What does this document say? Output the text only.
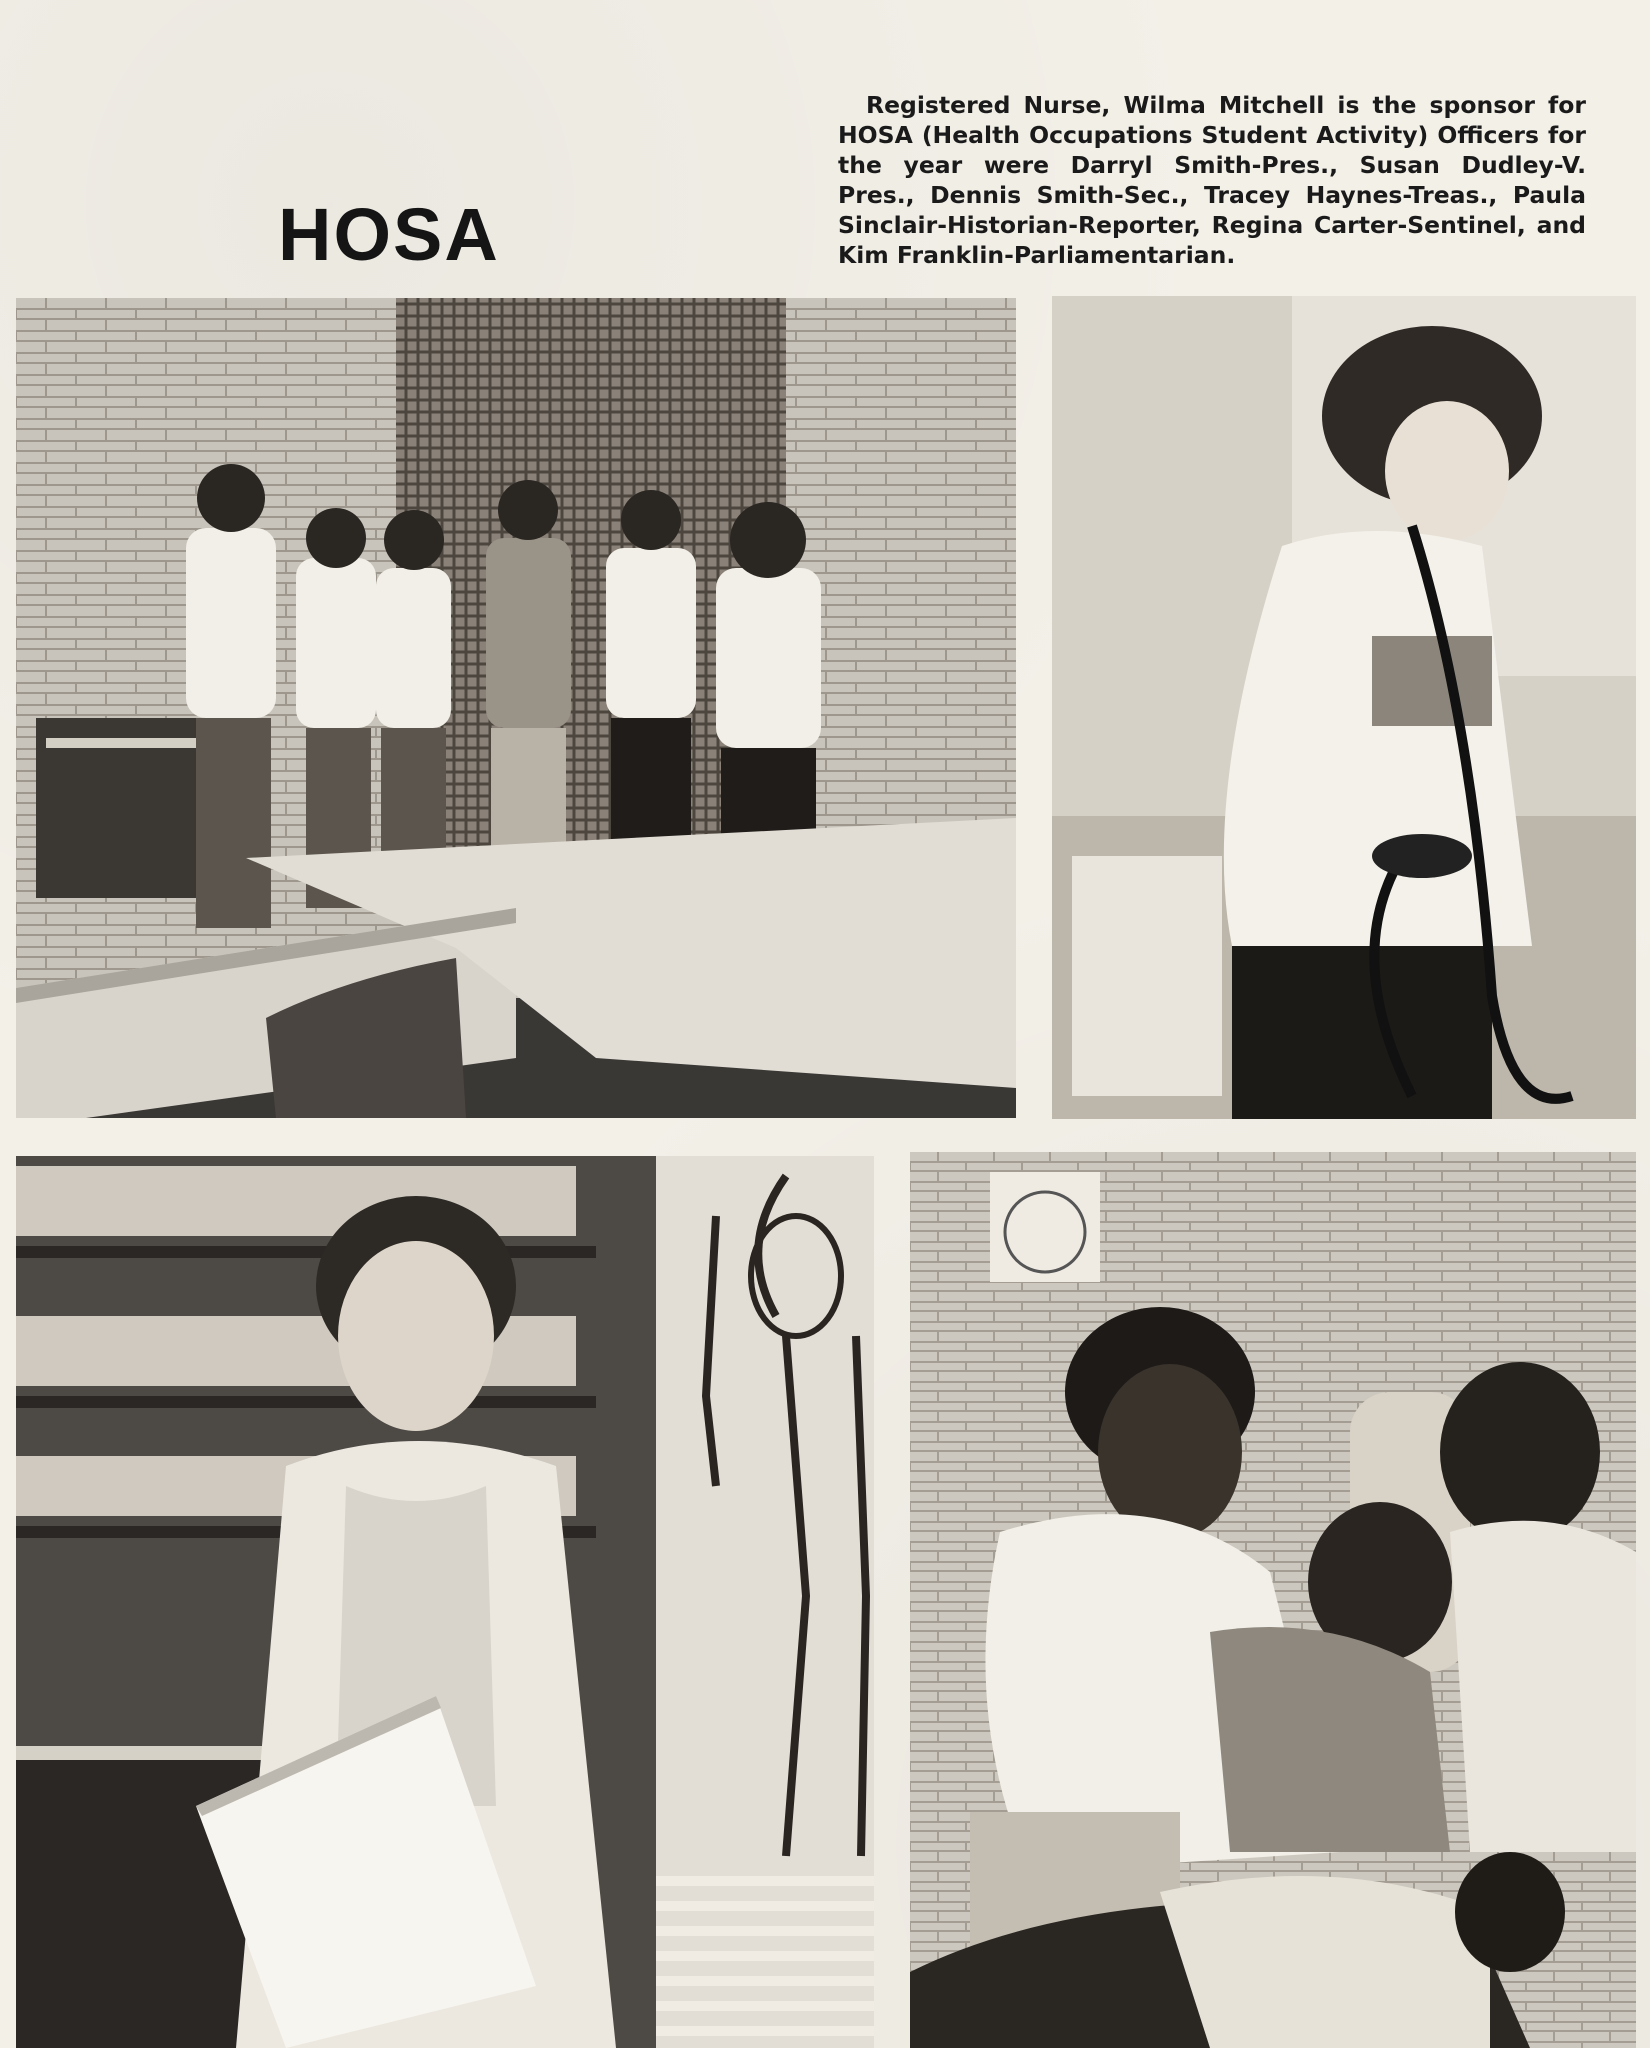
HOSA
Registered Nurse, Wilma Mitchell is the sponsor for HOSA (Health Occupations Student Activity) Officers for the year were Darryl Smith-Pres., Susan Dudley-V. Pres., Dennis Smith-Sec., Tracey Haynes-Treas., Paula Sinclair-Historian-Reporter, Regina Carter-Sentinel, and Kim Franklin-Parliamentarian.
